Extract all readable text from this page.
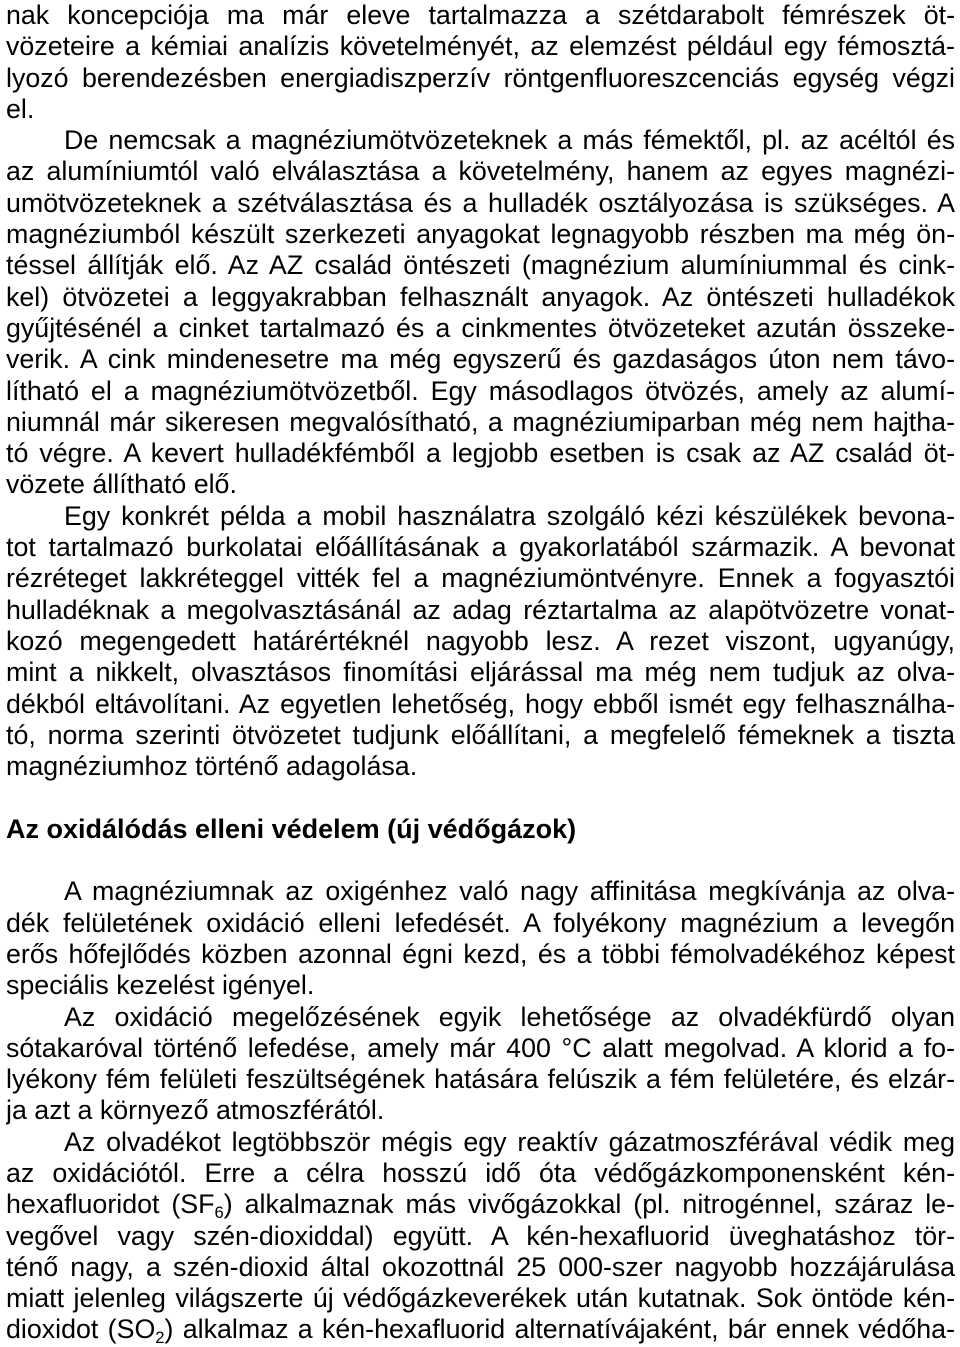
nak koncepciója ma már eleve tartalmazza a szétdarabolt fémrészek öt-
vözeteire a kémiai analízis követelményét, az elemzést például egy fémosztá-
lyozó berendezésben energiadiszperzív röntgenfluoreszcenciás egység végzi
el.
De nemcsak a magnéziumötvözeteknek a más fémektől, pl. az acéltól és
az alumíniumtól való elválasztása a követelmény, hanem az egyes magnézi-
umötvözeteknek a szétválasztása és a hulladék osztályozása is szükséges. A
magnéziumból készült szerkezeti anyagokat legnagyobb részben ma még ön-
téssel állítják elő. Az AZ család öntészeti (magnézium alumíniummal és cink-
kel) ötvözetei a leggyakrabban felhasznált anyagok. Az öntészeti hulladékok
gyűjtésénél a cinket tartalmazó és a cinkmentes ötvözeteket azután összeke-
verik. A cink mindenesetre ma még egyszerű és gazdaságos úton nem távo-
lítható el a magnéziumötvözetből. Egy másodlagos ötvözés, amely az alumí-
niumnál már sikeresen megvalósítható, a magnéziumiparban még nem hajtha-
tó végre. A kevert hulladékfémből a legjobb esetben is csak az AZ család öt-
vözete állítható elő.
Egy konkrét példa a mobil használatra szolgáló kézi készülékek bevona-
tot tartalmazó burkolatai előállításának a gyakorlatából származik. A bevonat
rézréteget lakkréteggel vitték fel a magnéziumöntvényre. Ennek a fogyasztói
hulladéknak a megolvasztásánál az adag réztartalma az alapötvözetre vonat-
kozó megengedett határértéknél nagyobb lesz. A rezet viszont, ugyanúgy,
mint a nikkelt, olvasztásos finomítási eljárással ma még nem tudjuk az olva-
dékból eltávolítani. Az egyetlen lehetőség, hogy ebből ismét egy felhasználha-
tó, norma szerinti ötvözetet tudjunk előállítani, a megfelelő fémeknek a tiszta
magnéziumhoz történő adagolása.
Az oxidálódás elleni védelem (új védőgázok)
A magnéziumnak az oxigénhez való nagy affinitása megkívánja az olva-
dék felületének oxidáció elleni lefedését. A folyékony magnézium a levegőn
erős hőfejlődés közben azonnal égni kezd, és a többi fémolvadékéhoz képest
speciális kezelést igényel.
Az oxidáció megelőzésének egyik lehetősége az olvadékfürdő olyan
sótakaróval történő lefedése, amely már 400 °C alatt megolvad. A klorid a fo-
lyékony fém felületi feszültségének hatására felúszik a fém felületére, és elzár-
ja azt a környező atmoszférától.
Az olvadékot legtöbbször mégis egy reaktív gázatmoszférával védik meg
az oxidációtól. Erre a célra hosszú idő óta védőgázkomponensként kén-
hexafluoridot (SF6) alkalmaznak más vivőgázokkal (pl. nitrogénnel, száraz le-
vegővel vagy szén-dioxiddal) együtt. A kén-hexafluorid üveghatáshoz tör-
ténő nagy, a szén-dioxid által okozottnál 25 000-szer nagyobb hozzájárulása
miatt jelenleg világszerte új védőgázkeverékek után kutatnak. Sok öntöde kén-
dioxidot (SO2) alkalmaz a kén-hexafluorid alternatívájaként, bár ennek védőha-
